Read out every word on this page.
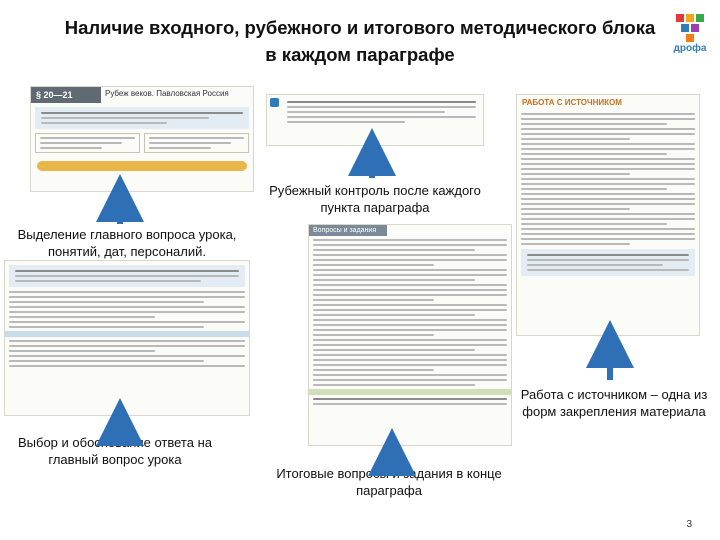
Наличие входного, рубежного и итогового методического блока
в каждом параграфе	дрофа
§ 20—21	Рубеж веков. Павловская Россия
РАБОТА С ИСТОЧНИКОМ
Вопросы и задания
Рубежный контроль после каждого пункта параграфа
Выделение главного вопроса урока, понятий, дат, персоналий.
Работа с источником – одна из форм закрепления материала
Выбор и обоснование ответа на главный вопрос урока
Итоговые вопросы и задания в конце параграфа
3
